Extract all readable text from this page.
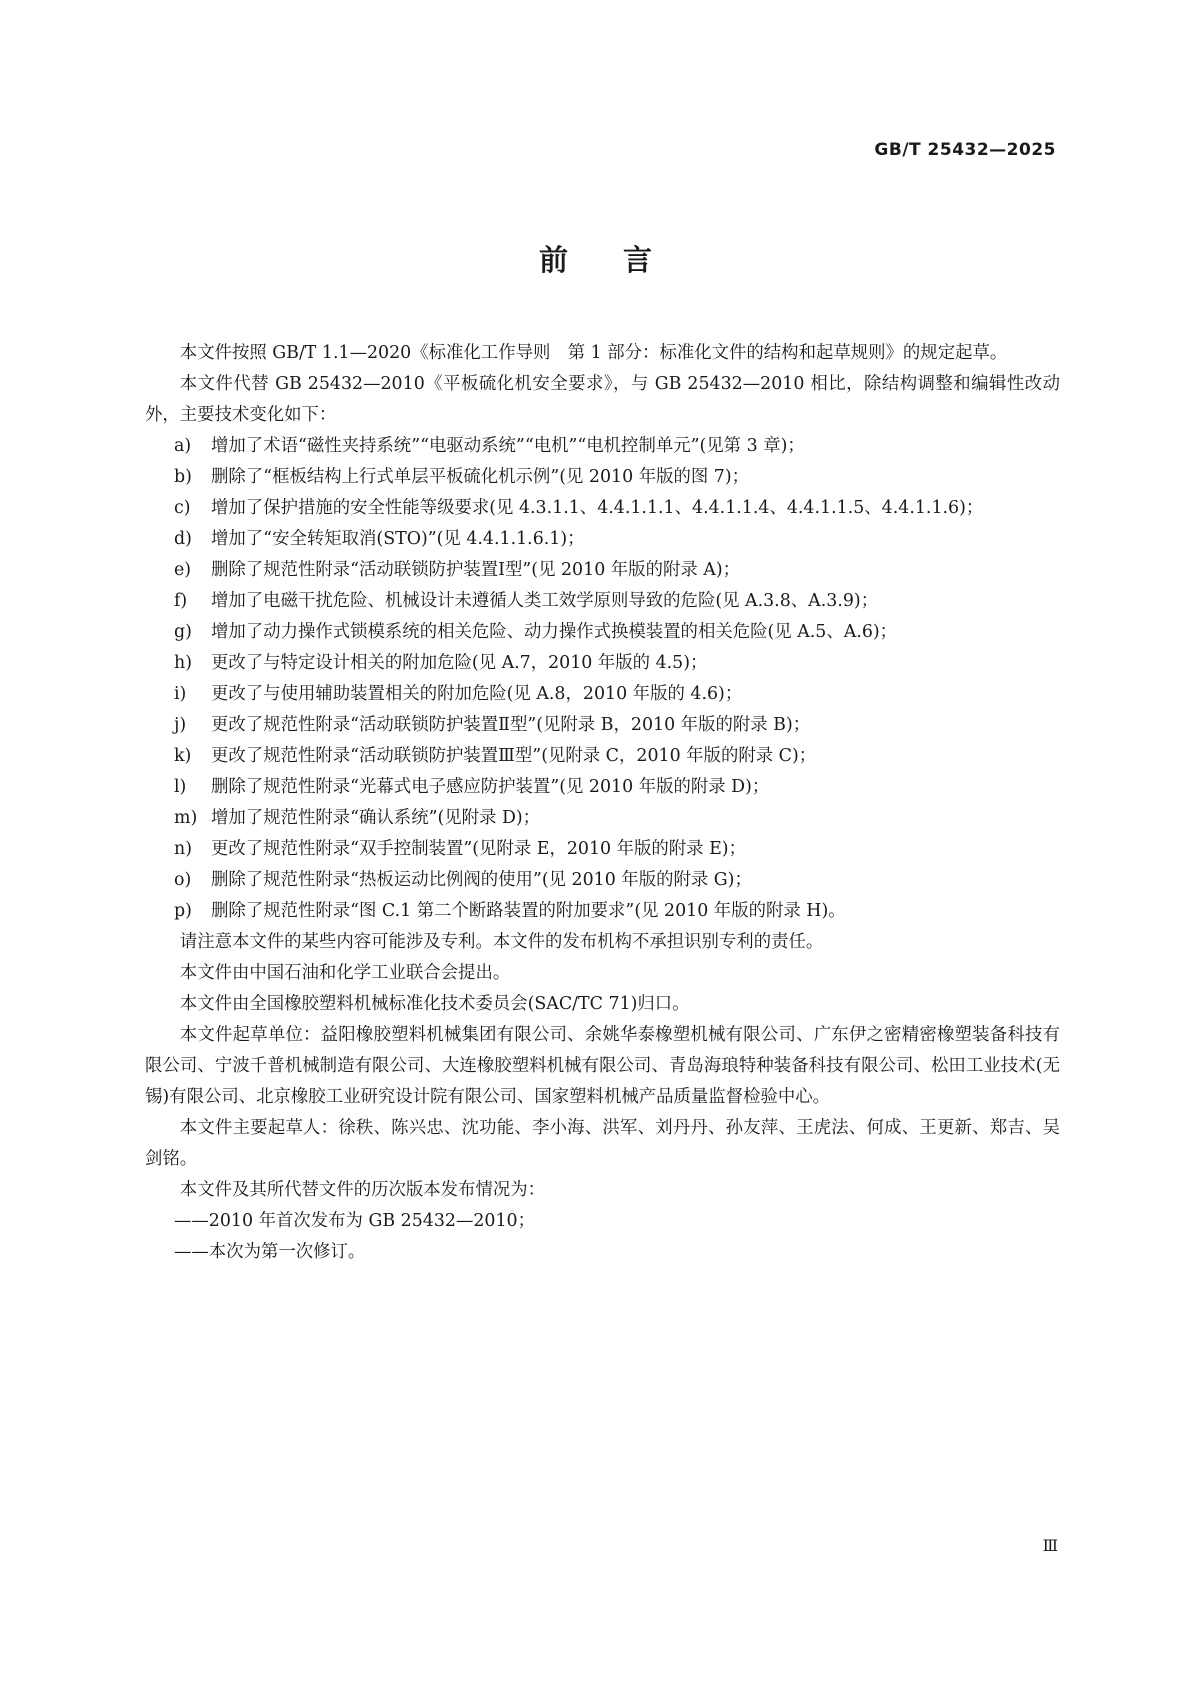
GB/T 25432—2025
前言

本文件按照 GB/T 1.1—2020《标准化工作导则　第 1 部分：标准化文件的结构和起草规则》的规定起草。

本文件代替 GB 25432—2010《平板硫化机安全要求》，与 GB 25432—2010 相比，除结构调整和编辑性改动外，主要技术变化如下：

a)	增加了术语“磁性夹持系统”“电驱动系统”“电机”“电机控制单元”(见第 3 章)；
b)	删除了“框板结构上行式单层平板硫化机示例”(见 2010 年版的图 7)；
c)	增加了保护措施的安全性能等级要求(见 4.3.1.1、4.4.1.1.1、4.4.1.1.4、4.4.1.1.5、4.4.1.1.6)；
d)	增加了“安全转矩取消(STO)”(见 4.4.1.1.6.1)；
e)	删除了规范性附录“活动联锁防护装置Ⅰ型”(见 2010 年版的附录 A)；
f)	增加了电磁干扰危险、机械设计未遵循人类工效学原则导致的危险(见 A.3.8、A.3.9)；
g)	增加了动力操作式锁模系统的相关危险、动力操作式换模装置的相关危险(见 A.5、A.6)；
h)	更改了与特定设计相关的附加危险(见 A.7，2010 年版的 4.5)；
i)	更改了与使用辅助装置相关的附加危险(见 A.8，2010 年版的 4.6)；
j)	更改了规范性附录“活动联锁防护装置Ⅱ型”(见附录 B，2010 年版的附录 B)；
k)	更改了规范性附录“活动联锁防护装置Ⅲ型”(见附录 C，2010 年版的附录 C)；
l)	删除了规范性附录“光幕式电子感应防护装置”(见 2010 年版的附录 D)；
m) 增加了规范性附录“确认系统”(见附录 D)；
n)	更改了规范性附录“双手控制装置”(见附录 E，2010 年版的附录 E)；
o)	删除了规范性附录“热板运动比例阀的使用”(见 2010 年版的附录 G)；
p)	删除了规范性附录“图 C.1 第二个断路装置的附加要求”(见 2010 年版的附录 H)。

请注意本文件的某些内容可能涉及专利。本文件的发布机构不承担识别专利的责任。

本文件由中国石油和化学工业联合会提出。

本文件由全国橡胶塑料机械标准化技术委员会(SAC/TC 71)归口。

本文件起草单位：益阳橡胶塑料机械集团有限公司、余姚华泰橡塑机械有限公司、广东伊之密精密橡塑装备科技有限公司、宁波千普机械制造有限公司、大连橡胶塑料机械有限公司、青岛海琅特种装备科技有限公司、松田工业技术(无锡)有限公司、北京橡胶工业研究设计院有限公司、国家塑料机械产品质量监督检验中心。

本文件主要起草人：徐秩、陈兴忠、沈功能、李小海、洪军、刘丹丹、孙友萍、王虎法、何成、王更新、郑吉、吴剑铭。

本文件及其所代替文件的历次版本发布情况为：

——2010 年首次发布为 GB 25432—2010；
——本次为第一次修订。
Ⅲ
